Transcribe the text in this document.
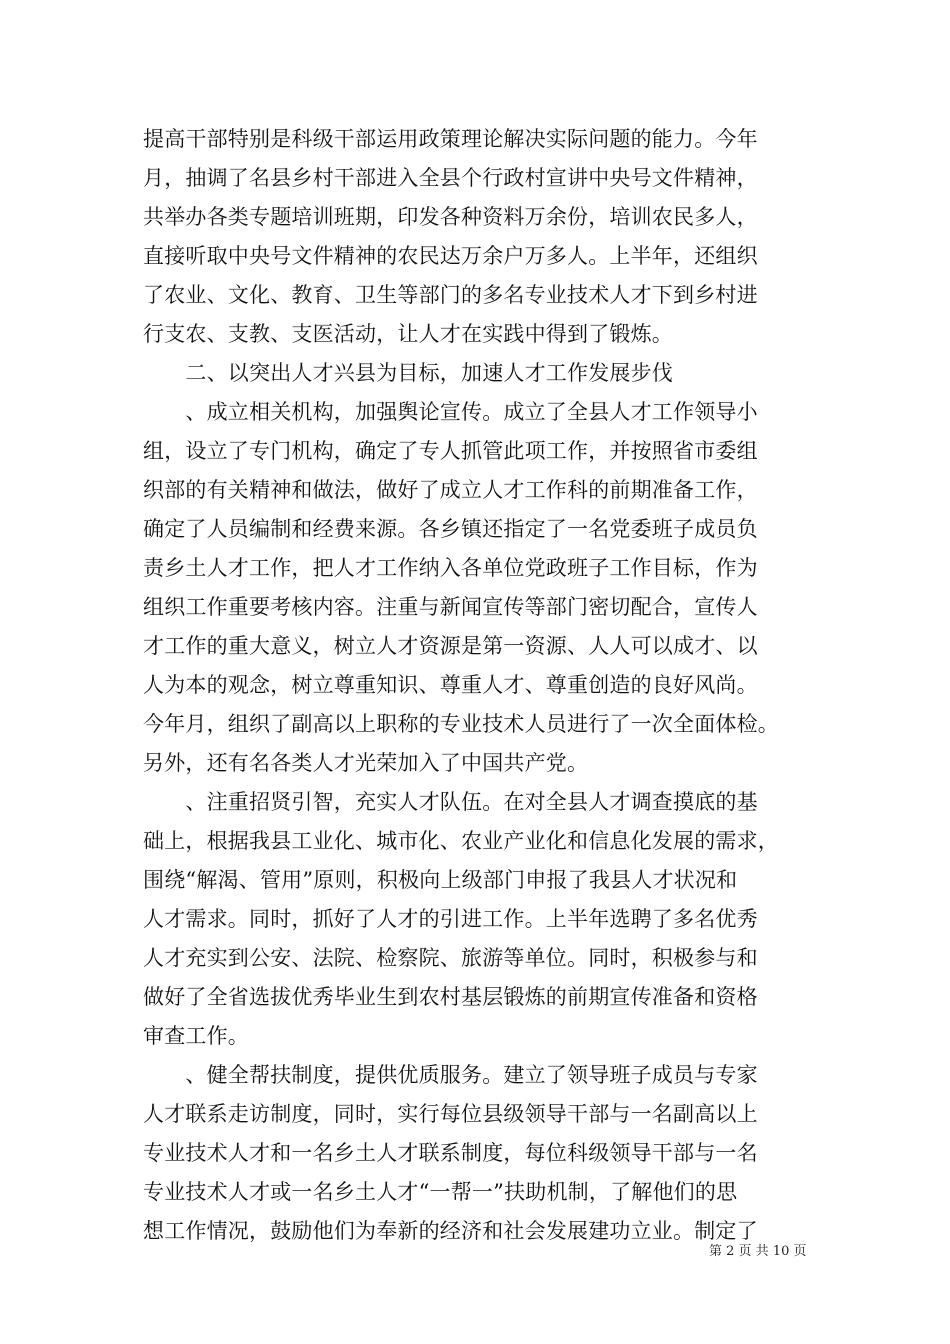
提高干部特别是科级干部运用政策理论解决实际问题的能力。今年
月，抽调了名县乡村干部进入全县个行政村宣讲中央号文件精神，
共举办各类专题培训班期，印发各种资料万余份，培训农民多人，
直接听取中央号文件精神的农民达万余户万多人。上半年，还组织
了农业、文化、教育、卫生等部门的多名专业技术人才下到乡村进
行支农、支教、支医活动，让人才在实践中得到了锻炼。
　　二、以突出人才兴县为目标，加速人才工作发展步伐
　　、成立相关机构，加强舆论宣传。成立了全县人才工作领导小
组，设立了专门机构，确定了专人抓管此项工作，并按照省市委组
织部的有关精神和做法，做好了成立人才工作科的前期准备工作，
确定了人员编制和经费来源。各乡镇还指定了一名党委班子成员负
责乡土人才工作，把人才工作纳入各单位党政班子工作目标，作为
组织工作重要考核内容。注重与新闻宣传等部门密切配合，宣传人
才工作的重大意义，树立人才资源是第一资源、人人可以成才、以
人为本的观念，树立尊重知识、尊重人才、尊重创造的良好风尚。
今年月，组织了副高以上职称的专业技术人员进行了一次全面体检。
另外，还有名各类人才光荣加入了中国共产党。
　　、注重招贤引智，充实人才队伍。在对全县人才调查摸底的基
础上，根据我县工业化、城市化、农业产业化和信息化发展的需求，
围绕“解渴、管用”原则，积极向上级部门申报了我县人才状况和
人才需求。同时，抓好了人才的引进工作。上半年选聘了多名优秀
人才充实到公安、法院、检察院、旅游等单位。同时，积极参与和
做好了全省选拔优秀毕业生到农村基层锻炼的前期宣传准备和资格
审查工作。
　　、健全帮扶制度，提供优质服务。建立了领导班子成员与专家
人才联系走访制度，同时，实行每位县级领导干部与一名副高以上
专业技术人才和一名乡土人才联系制度，每位科级领导干部与一名
专业技术人才或一名乡土人才“一帮一”扶助机制，了解他们的思
想工作情况，鼓励他们为奉新的经济和社会发展建功立业。制定了
第 2 页 共 10 页
